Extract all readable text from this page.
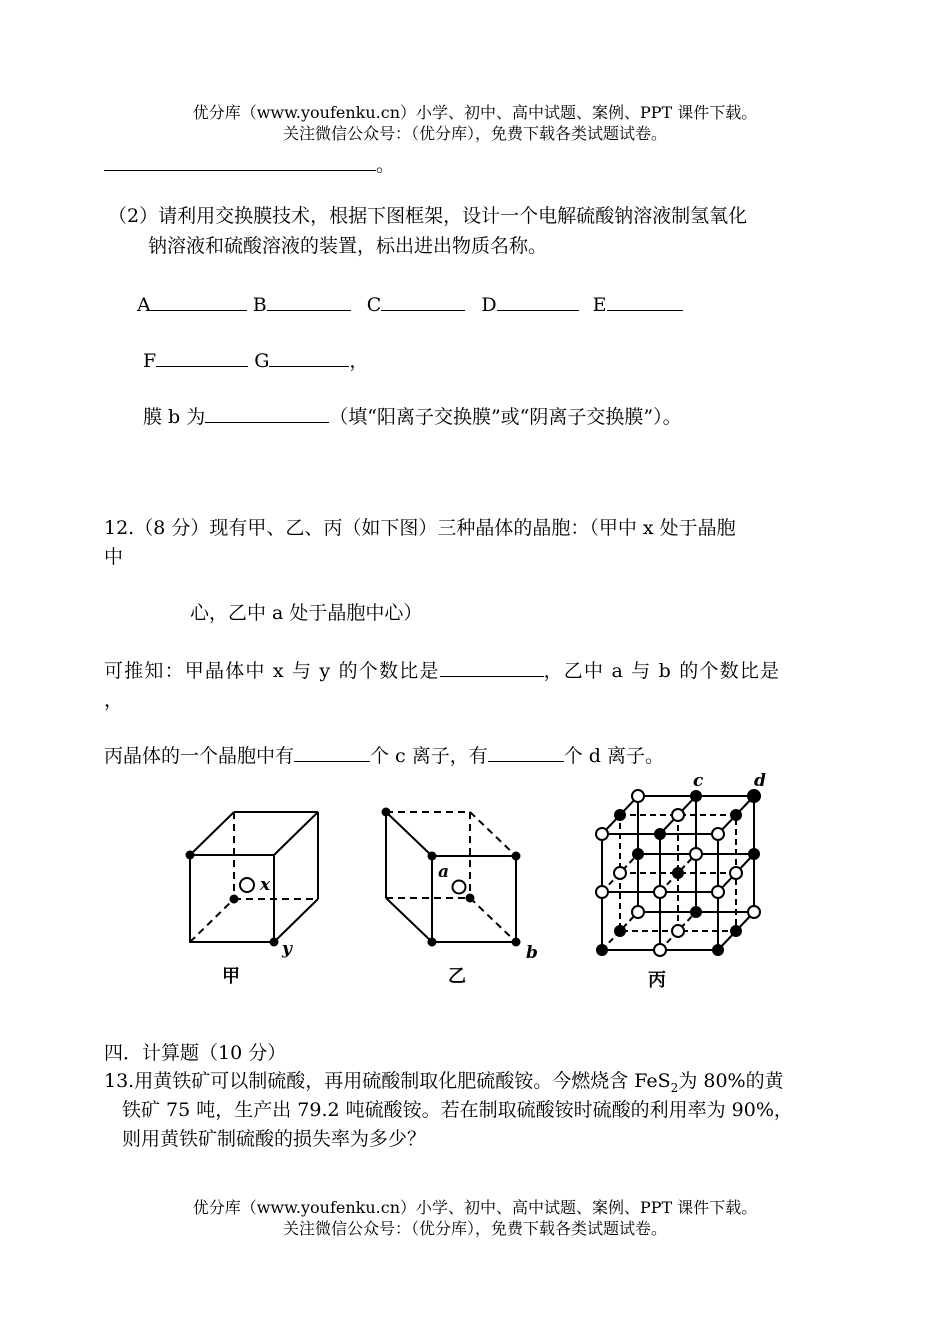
优分库（www.youfenku.cn）小学、初中、高中试题、案例、PPT 课件下载。
关注微信公众号：（优分库），免费下载各类试题试卷。
。
（2）请利用交换膜技术，根据下图框架，设计一个电解硫酸钠溶液制氢氧化
钠溶液和硫酸溶液的装置，标出进出物质名称。
A	B	C	D	E
F	G	，
膜 b 为	（填“阳离子交换膜”或“阴离子交换膜”）。
12.（8 分）现有甲、乙、丙（如下图）三种晶体的晶胞：（甲中 x 处于晶胞
中
心，乙中 a 处于晶胞中心）
可推知：甲晶体中 x 与 y 的个数比是	，乙中 a 与 b 的个数比是
，
丙晶体的一个晶胞中有	个 c 离子，有	个 d 离子。
x
y
a
b
c	d
甲	乙	丙
四．计算题（10 分）
13.用黄铁矿可以制硫酸，再用硫酸制取化肥硫酸铵。今燃烧含 FeS$_2$为 80%的黄
铁矿 75 吨，生产出 79.2 吨硫酸铵。若在制取硫酸铵时硫酸的利用率为 90%，
则用黄铁矿制硫酸的损失率为多少？
优分库（www.youfenku.cn）小学、初中、高中试题、案例、PPT 课件下载。
关注微信公众号：（优分库），免费下载各类试题试卷。
